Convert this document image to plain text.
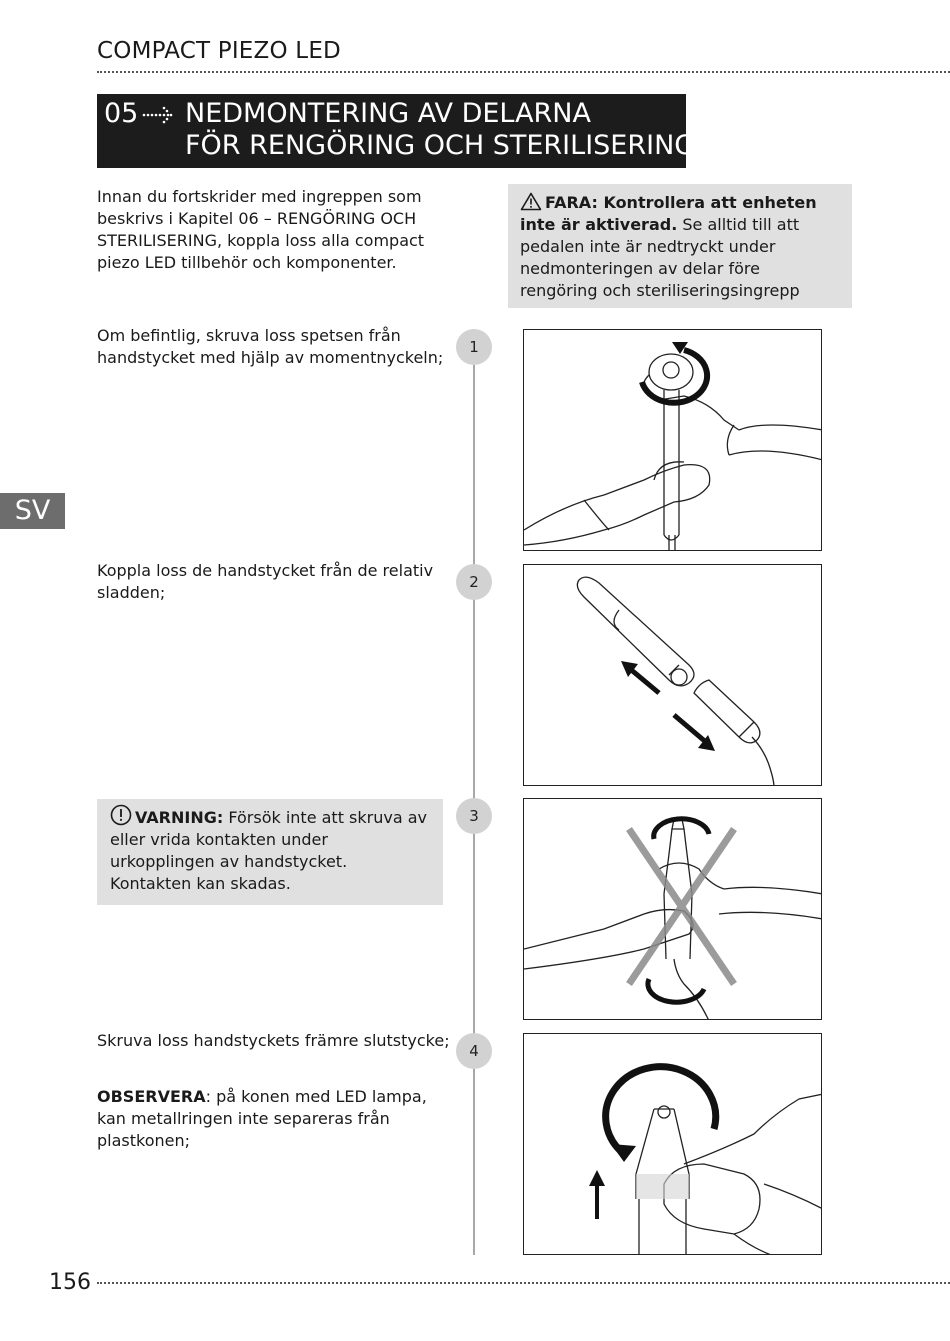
COMPACT PIEZO LED
05 NEDMONTERING AV DELARNA
FÖR RENGÖRING OCH STERILISERING

Innan du fortskrider med ingreppen som beskrivs i Kapitel 06 – RENGÖRING OCH STERILISERING, koppla loss alla compact piezo LED tillbehör och komponenter.

FARA: Kontrollera att enheten inte är aktiverad. Se alltid till att pedalen inte är nedtryckt under nedmonteringen av delar före rengöring och steriliseringsingrepp

Om befintlig, skruva loss spetsen från handstycket med hjälp av momentnyckeln;

Koppla loss de handstycket från de relativ sladden;

VARNING: Försök inte att skruva av eller vrida kontakten under urkopplingen av handstycket.
Kontakten kan skadas.

Skruva loss handstyckets främre slutstycke;

OBSERVERA: på konen med LED lampa, kan metallringen inte separeras från plastkonen;

1
2
3
4
SV
156
